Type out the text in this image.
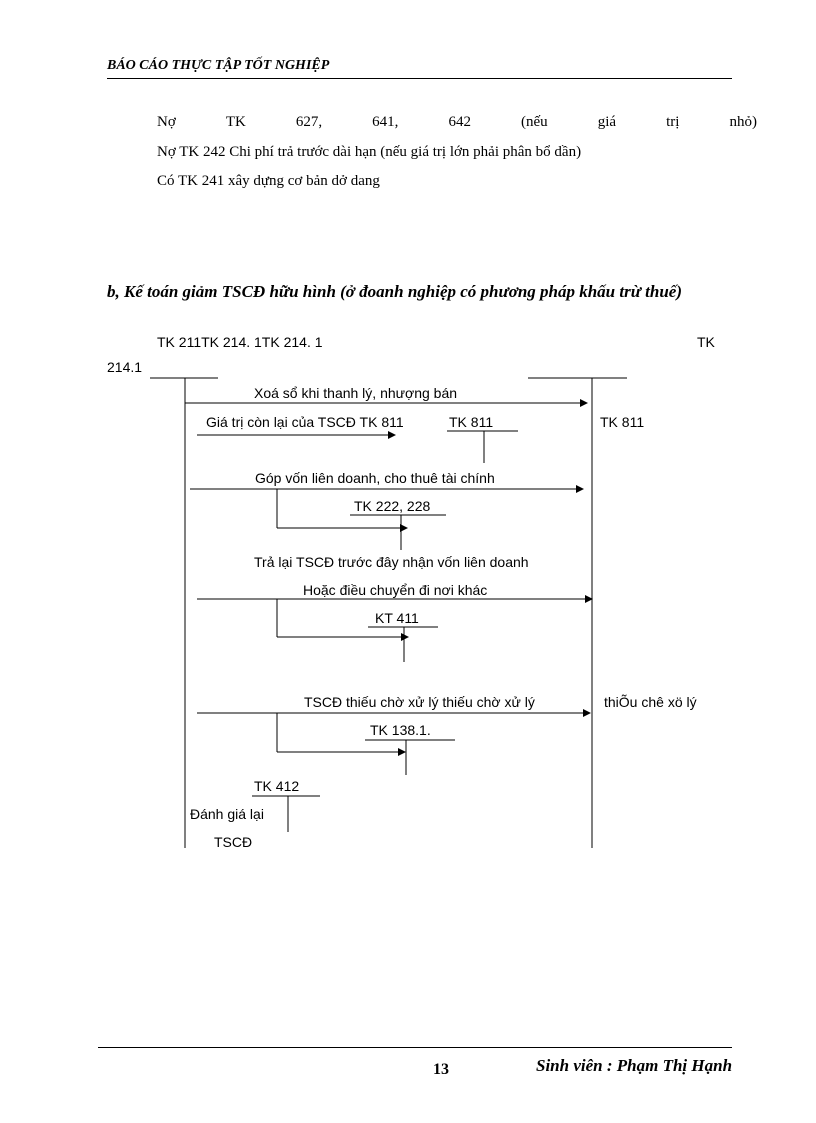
BÁO CÁO THỰC TẬP TỐT NGHIỆP
Nợ	TK	627,	641,	642	(nếu	giá	trị	nhỏ)
Nợ TK 242 Chi phí trả trước dài hạn (nếu giá trị lớn phải phân bổ dần)
Có TK 241 xây dựng cơ bản dở dang
b, Kế toán giảm TSCĐ hữu hình (ở đoanh nghiệp có phương pháp khấu trừ thuế)
TK 211TK 214. 1TK 214. 1	TK
214.1
Xoá sổ khi thanh lý, nhượng bán
Giá trị còn lại của TSCĐ TK 811	TK 811	TK 811
Góp vốn liên doanh, cho thuê tài chính
TK 222, 228
Trả lại TSCĐ trước đây nhận vốn liên doanh
Hoặc điều chuyển đi nơi khác
KT 411
TSCĐ thiếu chờ xử lý thiếu chờ xử lý	thiÕu chê xö lý
TK 138.1.
TK 412
Đánh giá lại
TSCĐ
13	Sinh viên : Phạm Thị Hạnh
